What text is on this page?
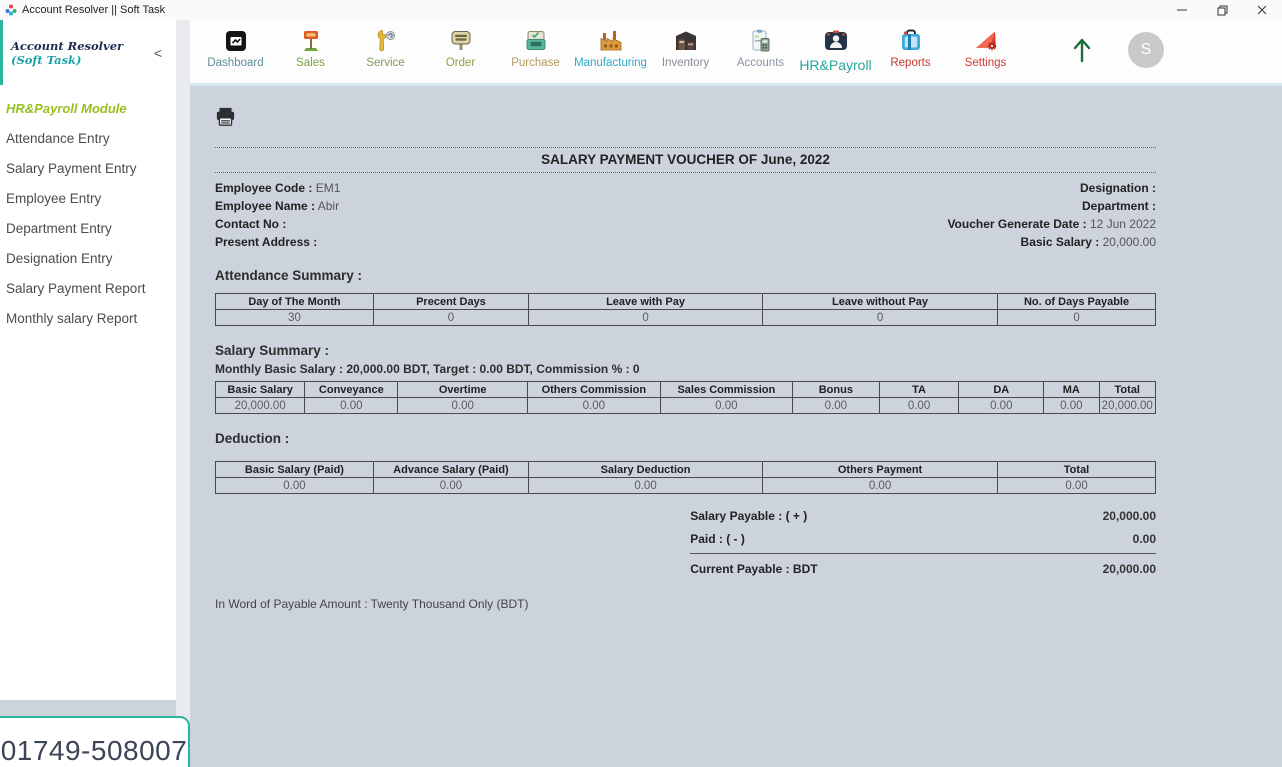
Account Resolver || Soft Task
Account Resolver (Soft Task)	<
HR&Payroll Module
Attendance Entry
Salary Payment Entry
Employee Entry
Department Entry
Designation Entry
Salary Payment Report
Monthly salary Report
Dashboard	Sales	Service	Order	Purchase Manufacturing Inventory Accounts HR&Payroll Reports	Settings
S
SALARY PAYMENT VOUCHER OF June, 2022
Employee Code : EM1
Employee Name : Abir
Contact No :
Present Address :
Designation :
Department :
Voucher Generate Date : 12 Jun 2022
Basic Salary : 20,000.00
Attendance Summary :
Day of The Month	Precent Days	Leave with Pay	Leave without Pay	No. of Days Payable
30	0	0	0	0
Salary Summary :
Monthly Basic Salary : 20,000.00 BDT, Target : 0.00 BDT, Commission % : 0
Basic Salary	Conveyance	Overtime	Others Commission	Sales Commission	Bonus	TA	DA	MA	Total
20,000.00	0.00	0.00	0.00	0.00	0.00	0.00	0.00	0.00	20,000.00
Deduction :
Basic Salary (Paid)	Advance Salary (Paid)	Salary Deduction	Others Payment	Total
0.00	0.00	0.00	0.00	0.00
Salary Payable : ( + )	20,000.00
Paid : ( - )	0.00
Current Payable : BDT	20,000.00
In Word of Payable Amount : Twenty Thousand Only (BDT)
01749-508007
